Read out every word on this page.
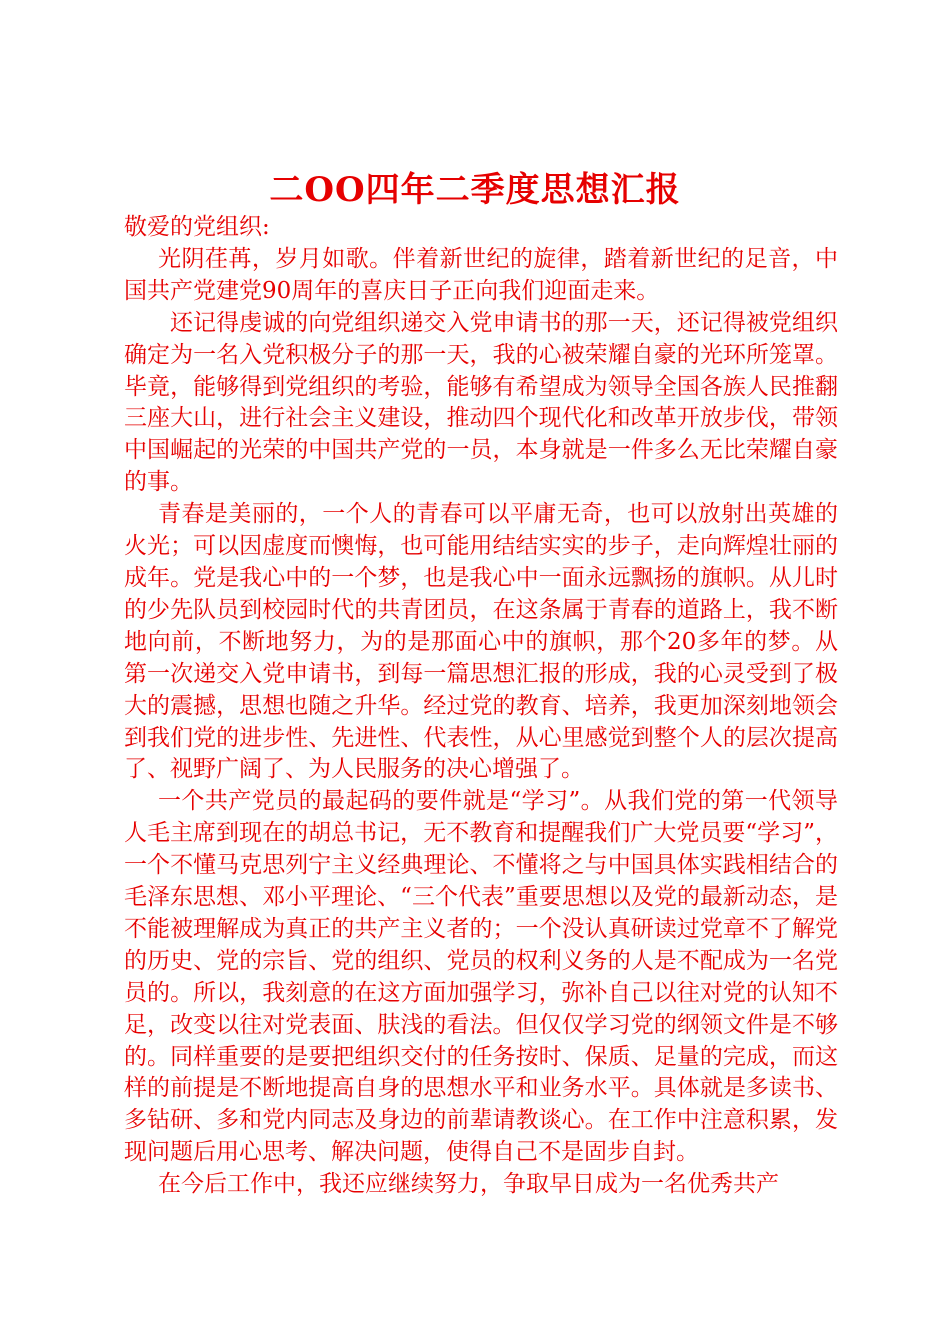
二OO四年二季度思想汇报

敬爱的党组织:

光阴荏苒，岁月如歌。伴着新世纪的旋律，踏着新世纪的足音，中国共产党建党90周年的喜庆日子正向我们迎面走来。

还记得虔诚的向党组织递交入党申请书的那一天，还记得被党组织确定为一名入党积极分子的那一天，我的心被荣耀自豪的光环所笼罩。毕竟，能够得到党组织的考验，能够有希望成为领导全国各族人民推翻三座大山，进行社会主义建设，推动四个现代化和改革开放步伐，带领中国崛起的光荣的中国共产党的一员，本身就是一件多么无比荣耀自豪的事。

青春是美丽的，一个人的青春可以平庸无奇，也可以放射出英雄的火光；可以因虚度而懊悔，也可能用结结实实的步子，走向辉煌壮丽的成年。党是我心中的一个梦，也是我心中一面永远飘扬的旗帜。从儿时的少先队员到校园时代的共青团员，在这条属于青春的道路上，我不断地向前，不断地努力，为的是那面心中的旗帜，那个20多年的梦。从第一次递交入党申请书，到每一篇思想汇报的形成，我的心灵受到了极大的震撼，思想也随之升华。经过党的教育、培养，我更加深刻地领会到我们党的进步性、先进性、代表性，从心里感觉到整个人的层次提高了、视野广阔了、为人民服务的决心增强了。

一个共产党员的最起码的要件就是“学习”。从我们党的第一代领导人毛主席到现在的胡总书记，无不教育和提醒我们广大党员要“学习”，一个不懂马克思列宁主义经典理论、不懂将之与中国具体实践相结合的毛泽东思想、邓小平理论、“三个代表”重要思想以及党的最新动态，是不能被理解成为真正的共产主义者的；一个没认真研读过党章不了解党的历史、党的宗旨、党的组织、党员的权利义务的人是不配成为一名党员的。所以，我刻意的在这方面加强学习，弥补自己以往对党的认知不足，改变以往对党表面、肤浅的看法。但仅仅学习党的纲领文件是不够的。同样重要的是要把组织交付的任务按时、保质、足量的完成，而这样的前提是不断地提高自身的思想水平和业务水平。具体就是多读书、多钻研、多和党内同志及身边的前辈请教谈心。在工作中注意积累，发现问题后用心思考、解决问题，使得自己不是固步自封。

在今后工作中，我还应继续努力，争取早日成为一名优秀共产
